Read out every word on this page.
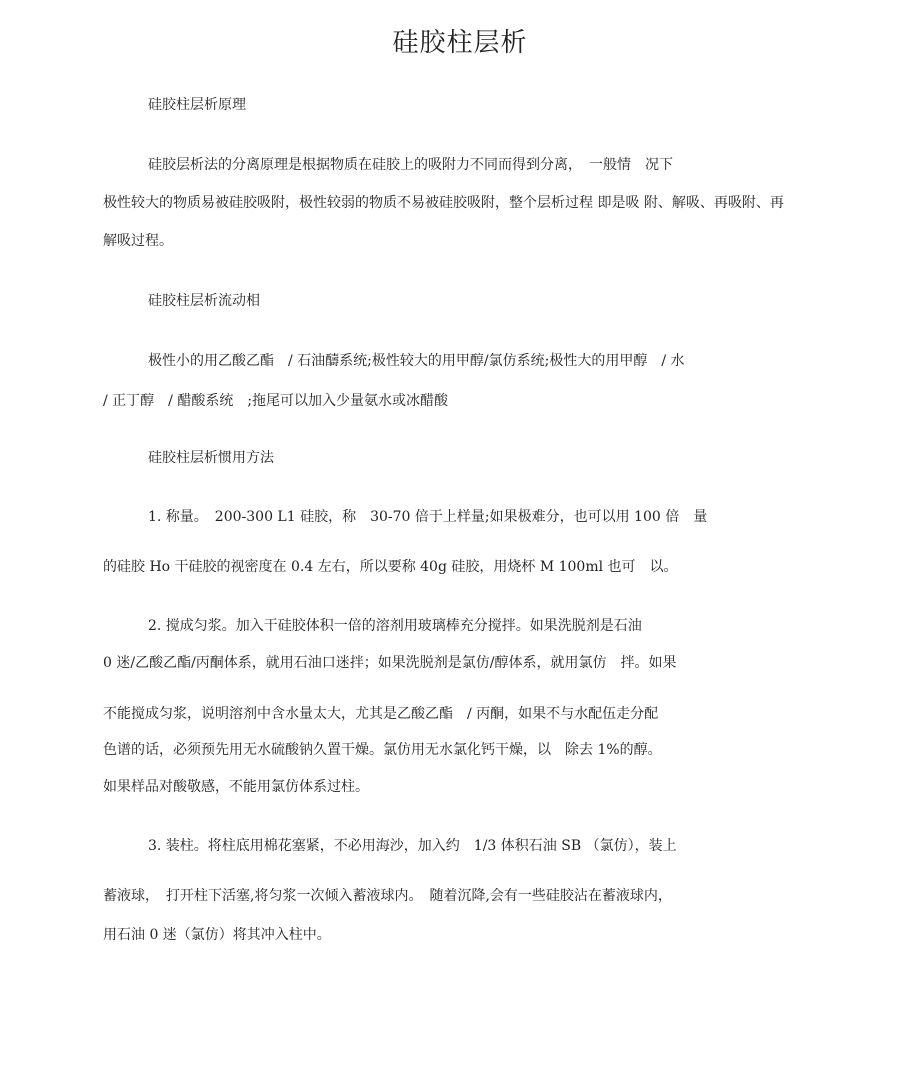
硅胶柱层析
硅胶柱层析原理
硅胶层析法的分离原理是根据物质在硅胶上的吸附力不同而得到分离，　一般情　况下
极性较大的物质易被硅胶吸附，极性较弱的物质不易被硅胶吸附，整个层析过程 即是吸 附、解吸、再吸附、再
解吸过程。
硅胶柱层析流动相
极性小的用乙酸乙酯　/ 石油醻系统;极性较大的用甲醇/氯仿系统;极性大的用甲醇　/ 水
/ 正丁醇　/ 醋酸系统　;拖尾可以加入少量氨水或冰醋酸
硅胶柱层析惯用方法
1. 称量。　200-300 L1 硅胶，称　30-70 倍于上样量;如果极难分，也可以用 100 倍　量
的硅胶 Ho 干硅胶的视密度在 0.4 左右，所以要称 40g 硅胶，用烧杯 M 100ml 也可　以。
2. 搅成匀浆。加入干硅胶体积一倍的溶剂用玻璃棒充分搅拌。如果洗脱剂是石油
0 迷/乙酸乙酯/丙酮体系，就用石油口迷拌；如果洗脱剂是氯仿/醇体系，就用氯仿　拌。如果
不能搅成匀浆，说明溶剂中含水量太大，尤其是乙酸乙酯　/ 丙酮，如果不与水配伍走分配
色谱的话，必须预先用无水硫酸钠久置干燥。氯仿用无水氯化钙干燥，以　除去 1%的醇。
如果样品对酸敬感，不能用氯仿体系过柱。
3. 装柱。将柱底用棉花塞紧，不必用海沙，加入约　1/3 体积石油 SB （氯仿），装上
蓄液球，　打开柱下活塞,将匀浆一次倾入蓄液球内。　随着沉降,会有一些硅胶沾在蓄液球内，
用石油 0 迷（氯仿）将其冲入柱中。
